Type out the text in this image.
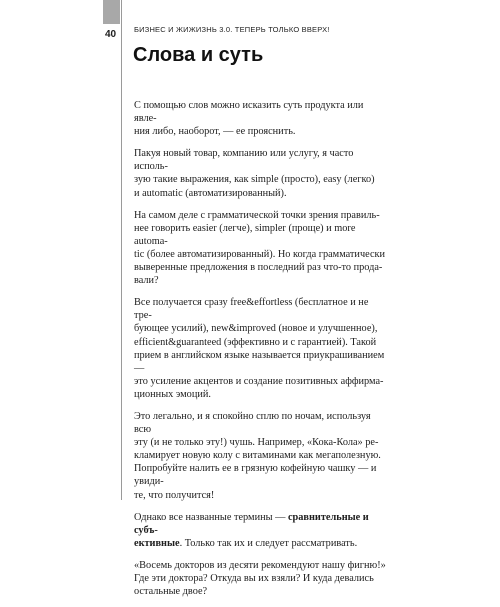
40 БИЗНЕС И ЖИЖИЗНЬ 3.0. ТЕПЕРЬ ТОЛЬКО ВВЕРХ!
Слова и суть

С помощью слов можно исказить суть продукта или явле-
ния либо, наоборот, — ее прояснить.

Пакуя новый товар, компанию или услугу, я часто исполь-
зую такие выражения, как simple (просто), easy (легко)
и automatic (автоматизированный).

На самом деле с грамматической точки зрения правиль-
нее говорить easier (легче), simpler (проще) и more automa-
tic (более автоматизированный). Но когда грамматически
выверенные предложения в последний раз что-то прода-
вали?

Все получается сразу free&effortless (бесплатное и не тре-
бующее усилий), new&improved (новое и улучшенное),
efficient&guaranteed (эффективно и с гарантией). Такой
прием в английском языке называется приукрашиванием —
это усиление акцентов и создание позитивных аффирма-
ционных эмоций.

Это легально, и я спокойно сплю по ночам, используя всю
эту (и не только эту!) чушь. Например, «Кока-Кола» ре-
кламирует новую колу с витаминами как мегаполезную.
Попробуйте налить ее в грязную кофейную чашку — и увиди-
те, что получится!

Однако все названные термины — сравнительные и субъ-
ективные. Только так их и следует рассматривать.

«Восемь докторов из десяти рекомендуют нашу фигню!»
Где эти доктора? Откуда вы их взяли? И куда девались
остальные двое?
